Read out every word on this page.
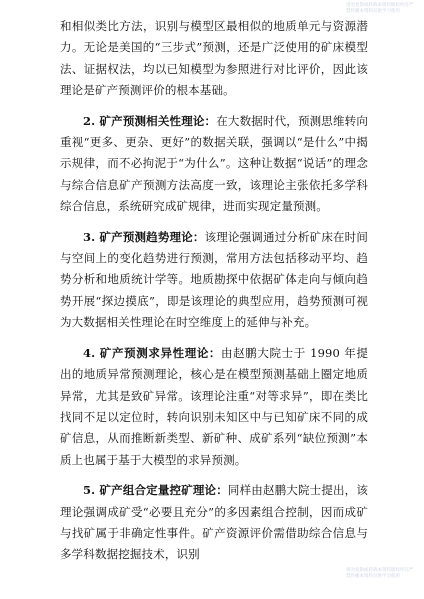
请勿复制或转载本资料版权所有严禁传播本资料仅供学习使用

和相似类比方法，识别与模型区最相似的地质单元与资源潜力。无论是美国的“三步式”预测，还是广泛使用的矿床模型法、证据权法，均以已知模型为参照进行对比评价，因此该理论是矿产预测评价的根本基础。

2. 矿产预测相关性理论：在大数据时代，预测思维转向重视“更多、更杂、更好”的数据关联，强调以“是什么”中揭示规律，而不必拘泥于“为什么”。这种让数据“说话”的理念与综合信息矿产预测方法高度一致，该理论主张依托多学科综合信息，系统研究成矿规律，进而实现定量预测。

3. 矿产预测趋势理论：该理论强调通过分析矿床在时间与空间上的变化趋势进行预测，常用方法包括移动平均、趋势分析和地质统计学等。地质勘探中依据矿体走向与倾向趋势开展“探边摸底”，即是该理论的典型应用，趋势预测可视为大数据相关性理论在时空维度上的延伸与补充。

4. 矿产预测求异性理论：由赵鹏大院士于 1990 年提出的地质异常预测理论，核心是在模型预测基础上圈定地质异常，尤其是致矿异常。该理论注重“对等求异”，即在类比找同不足以定位时，转向识别未知区中与已知矿床不同的成矿信息，从而推断新类型、新矿种、成矿系列“缺位预测”本质上也属于基于大模型的求异预测。

5. 矿产组合定量控矿理论：同样由赵鹏大院士提出，该理论强调成矿受“必要且充分”的多因素组合控制，因而成矿与找矿属于非确定性事件。矿产资源评价需借助综合信息与多学科数据挖掘技术，识别

请勿复制或转载本资料版权所有严禁传播本资料仅供学习使用
